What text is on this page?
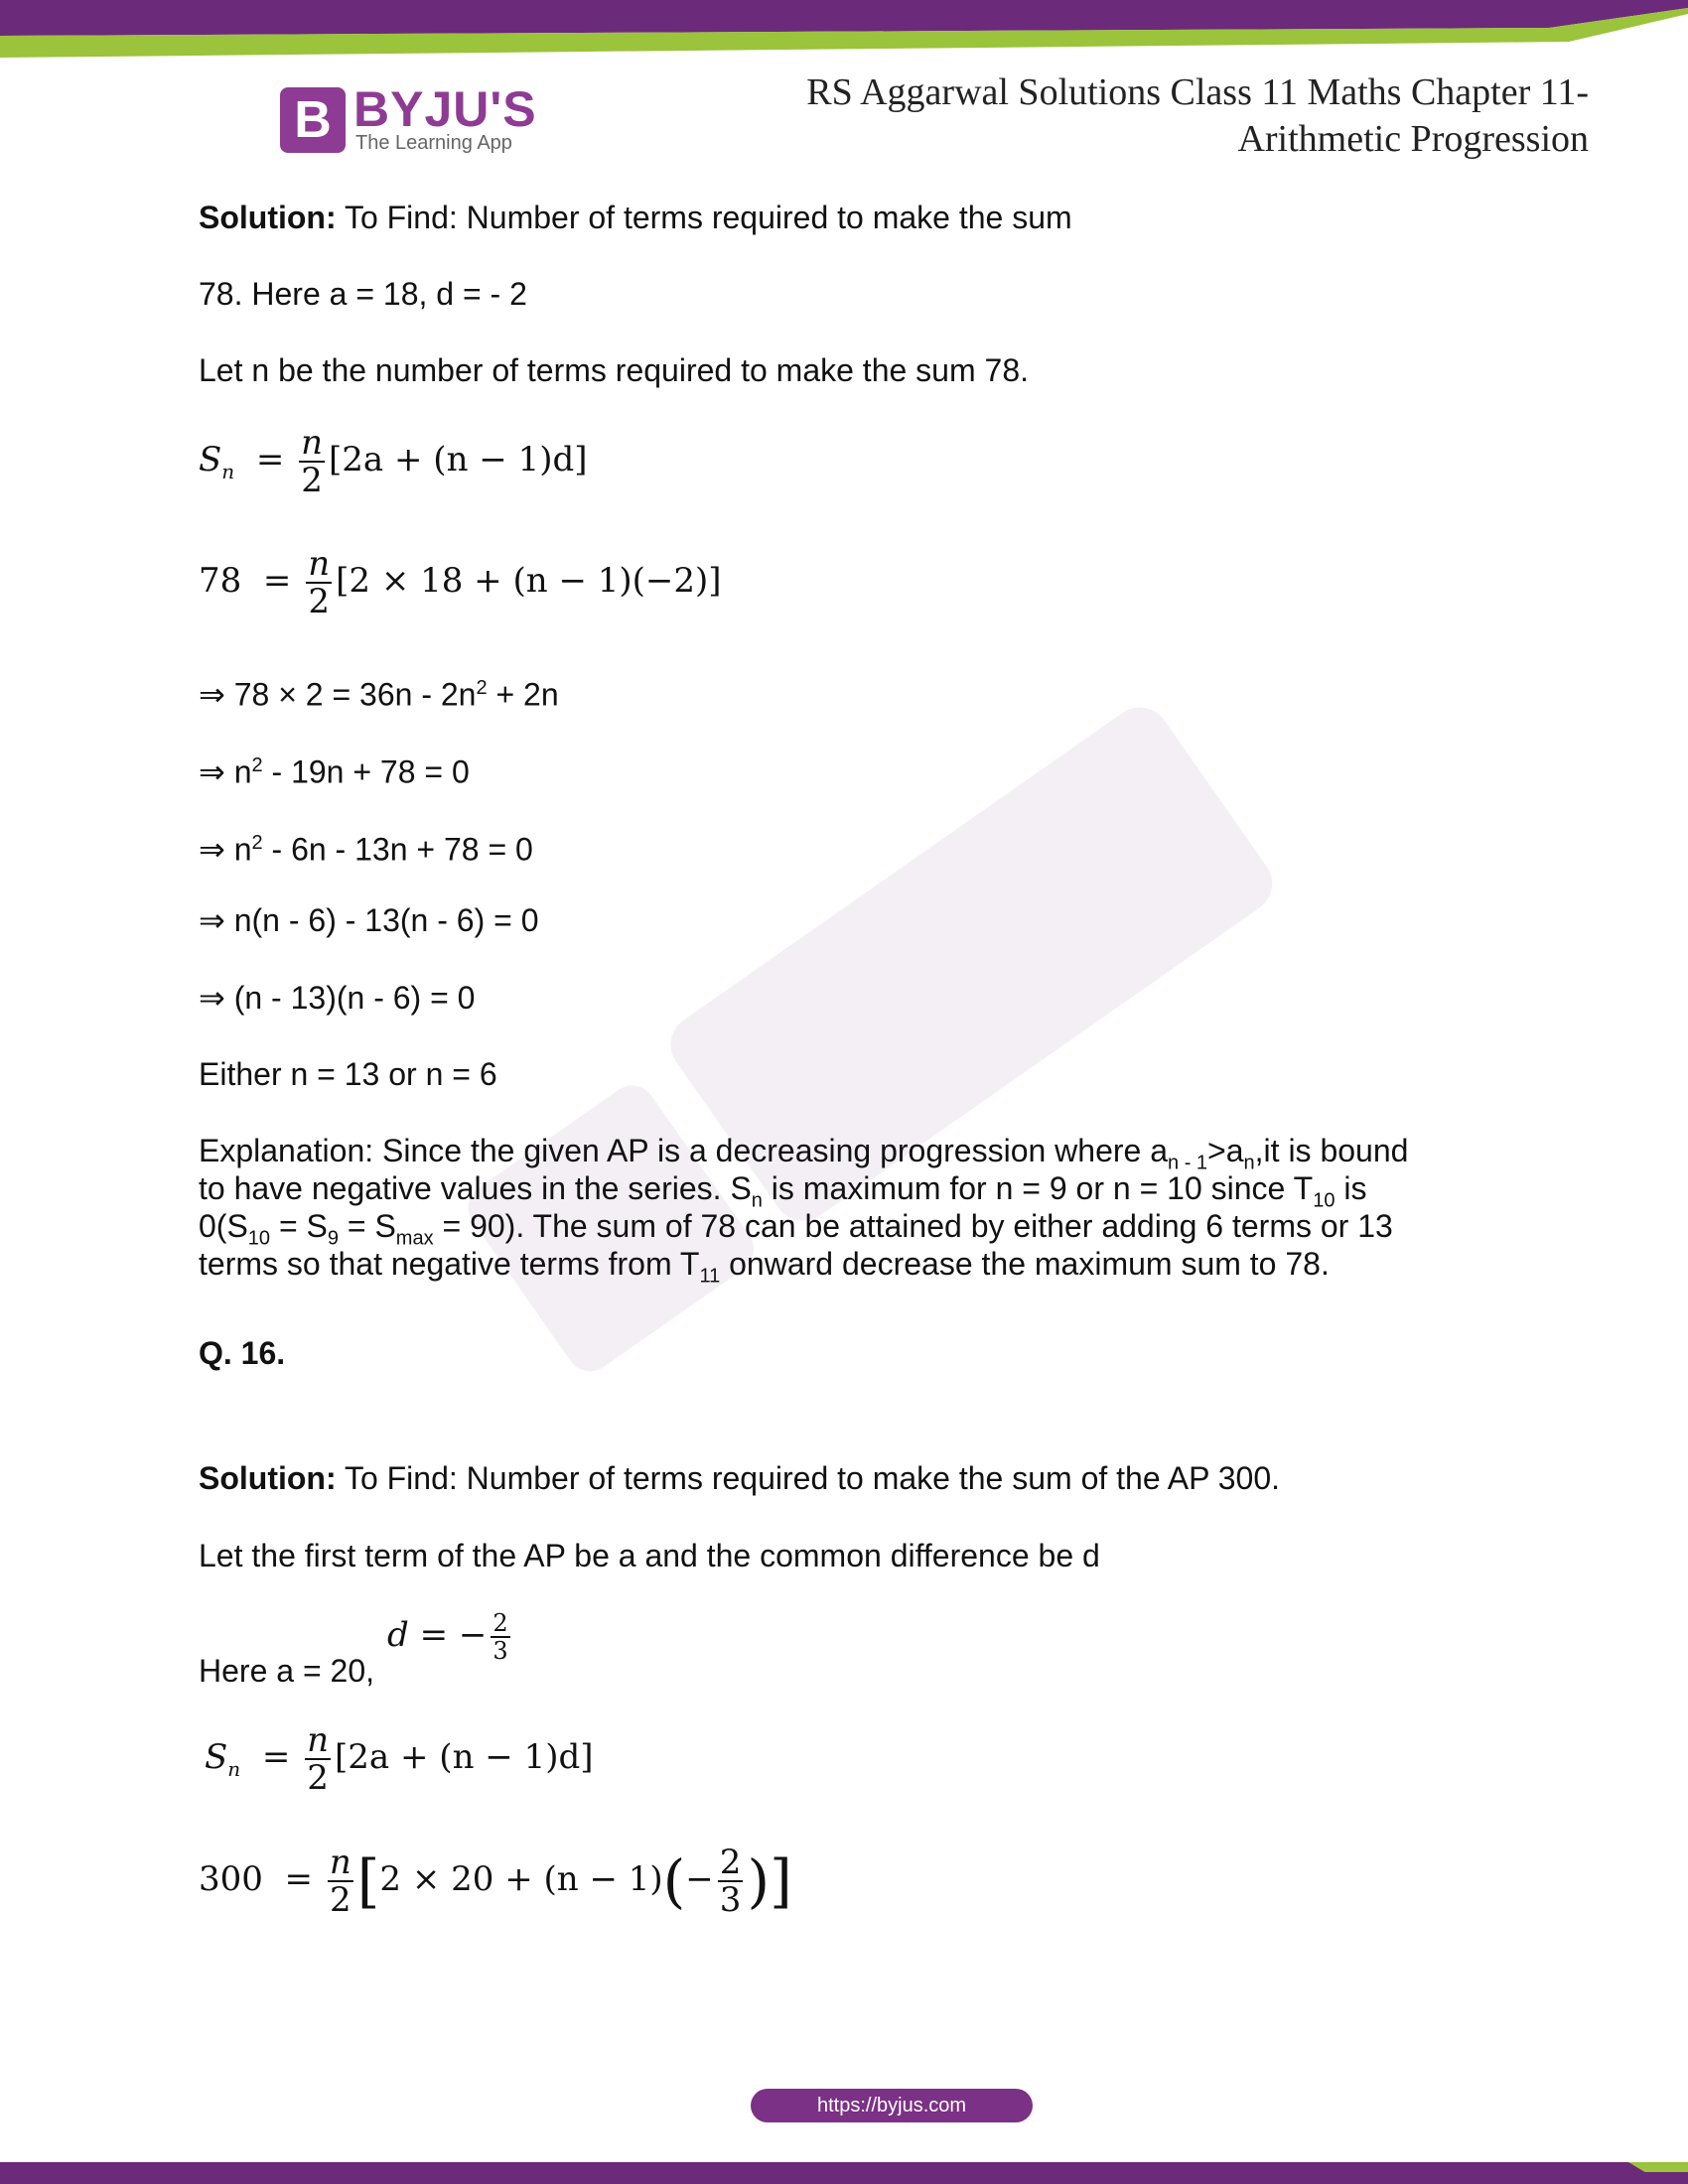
B BYJU'S
The Learning App
RS Aggarwal Solutions Class 11 Maths Chapter 11-
Arithmetic Progression
Solution: To Find: Number of terms required to make the sum
78. Here a = 18, d = - 2
Let n be the number of terms required to make the sum 78.
$S_n = \frac{n}{2} [2a + (n - 1)d]$
$78 = \frac{n}{2} [2 \times 18 + (n - 1)(-2)]$
⇒ $78 \times 2 = 36n - 2n^2 + 2n$
⇒ $n^2 - 19n + 78 = 0$
⇒ $n^2 - 6n - 13n + 78 = 0$
⇒ n(n - 6) - 13(n - 6) = 0
⇒ (n - 13)(n - 6) = 0
Either n = 13 or n = 6
Explanation: Since the given AP is a decreasing progression where $a_{n - 1}>a_n,it$ is bound
to have negative values in the series. $S_n$ is maximum for n = 9 or n = 10 since $T_{10}$ is
$0(S_{10} = S_9 = S_{max} = 90)$. The sum of 78 can be attained by either adding 6 terms or 13
terms so that negative terms from $T_{11}$ onward decrease the maximum sum to 78.
Q. 16.
Solution: To Find: Number of terms required to make the sum of the AP 300.
Let the first term of the AP be a and the common difference be d
Here a = 20,
d = − $\frac{2}{3}$
$S_n = \frac{n}{2} [2a + (n - 1)d]$
$300 = \frac{n}{2} [2 \times 20 + (n - 1)(- \frac{2}{3}$ )]
https://byjus.com
